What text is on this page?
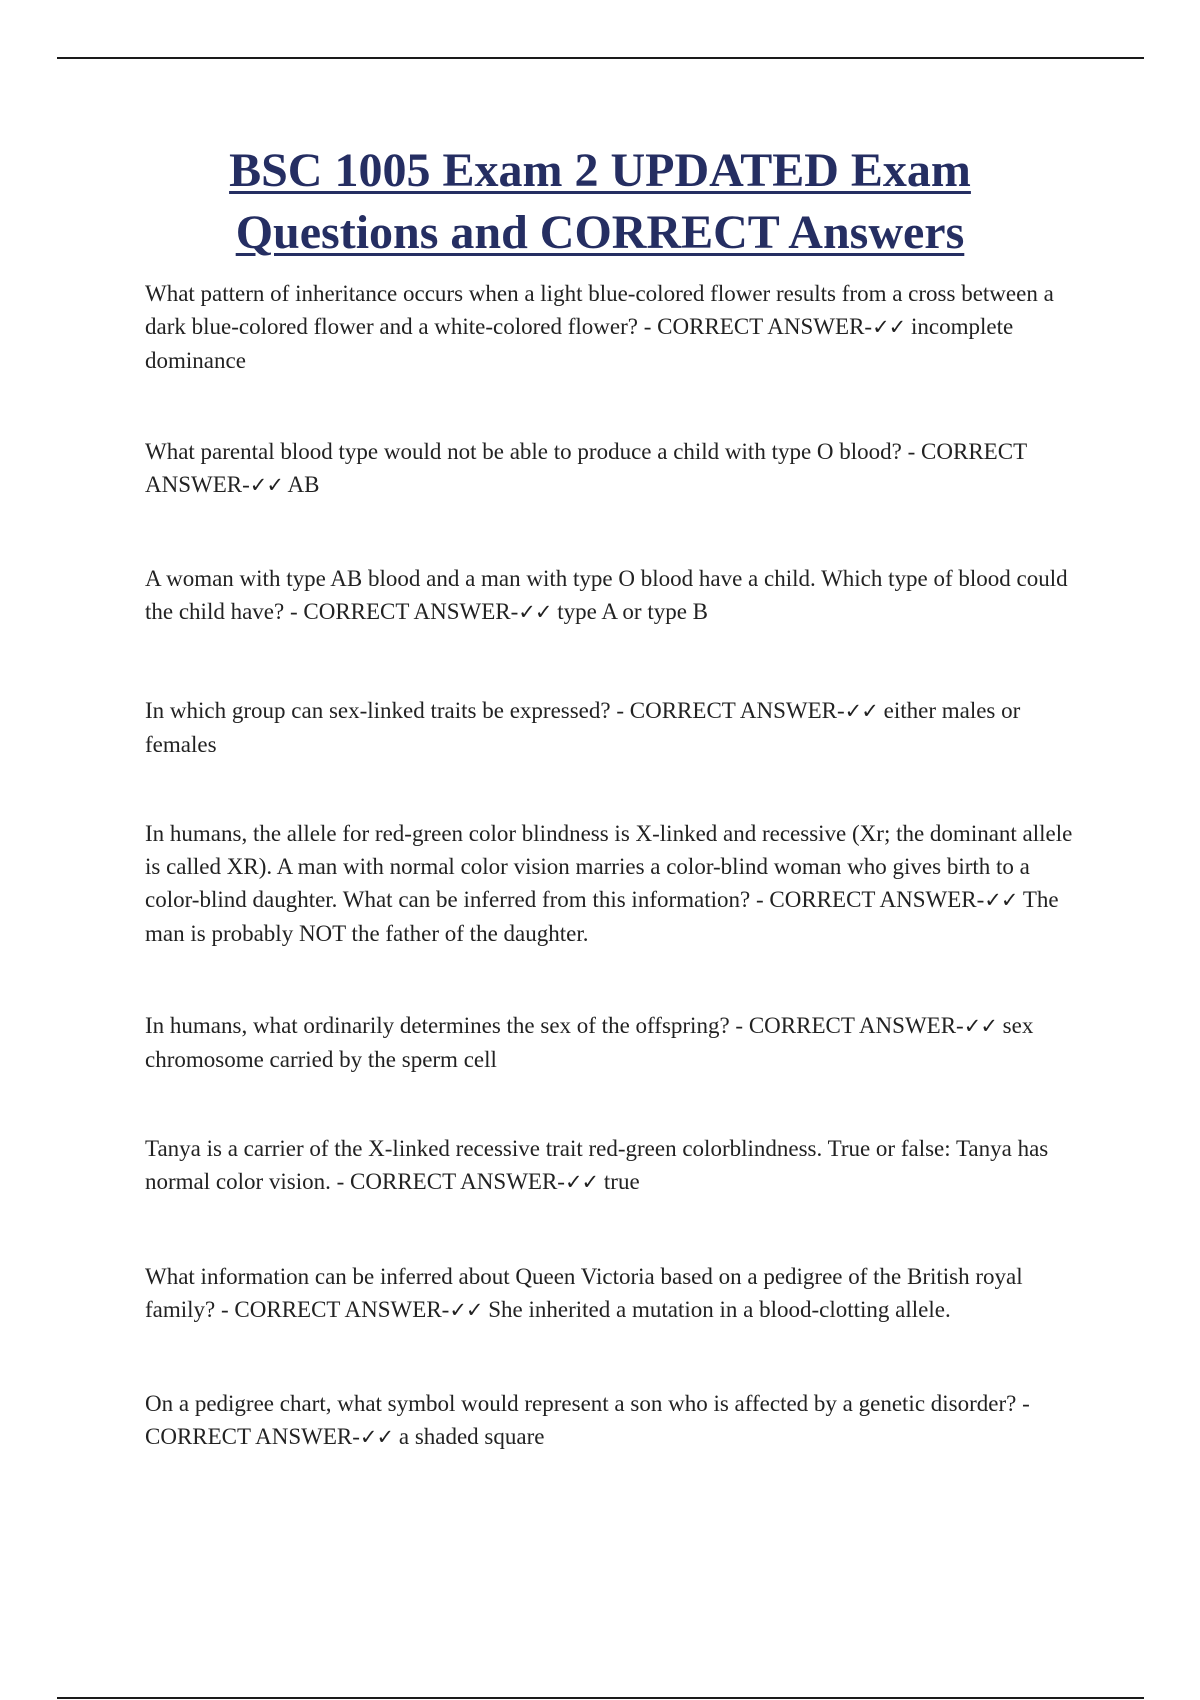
BSC 1005 Exam 2 UPDATED Exam
Questions and CORRECT Answers

What pattern of inheritance occurs when a light blue-colored flower results from a cross between a dark blue-colored flower and a white-colored flower? - CORRECT ANSWER-✓✓ incomplete dominance

What parental blood type would not be able to produce a child with type O blood? - CORRECT ANSWER-✓✓ AB

A woman with type AB blood and a man with type O blood have a child. Which type of blood could the child have? - CORRECT ANSWER-✓✓ type A or type B

In which group can sex-linked traits be expressed? - CORRECT ANSWER-✓✓ either males or females

In humans, the allele for red-green color blindness is X-linked and recessive (Xr; the dominant allele is called XR). A man with normal color vision marries a color-blind woman who gives birth to a color-blind daughter. What can be inferred from this information? - CORRECT ANSWER-✓✓ The man is probably NOT the father of the daughter.

In humans, what ordinarily determines the sex of the offspring? - CORRECT ANSWER-✓✓ sex chromosome carried by the sperm cell

Tanya is a carrier of the X-linked recessive trait red-green colorblindness. True or false: Tanya has normal color vision. - CORRECT ANSWER-✓✓ true

What information can be inferred about Queen Victoria based on a pedigree of the British royal family? - CORRECT ANSWER-✓✓ She inherited a mutation in a blood-clotting allele.

On a pedigree chart, what symbol would represent a son who is affected by a genetic disorder? - CORRECT ANSWER-✓✓ a shaded square
